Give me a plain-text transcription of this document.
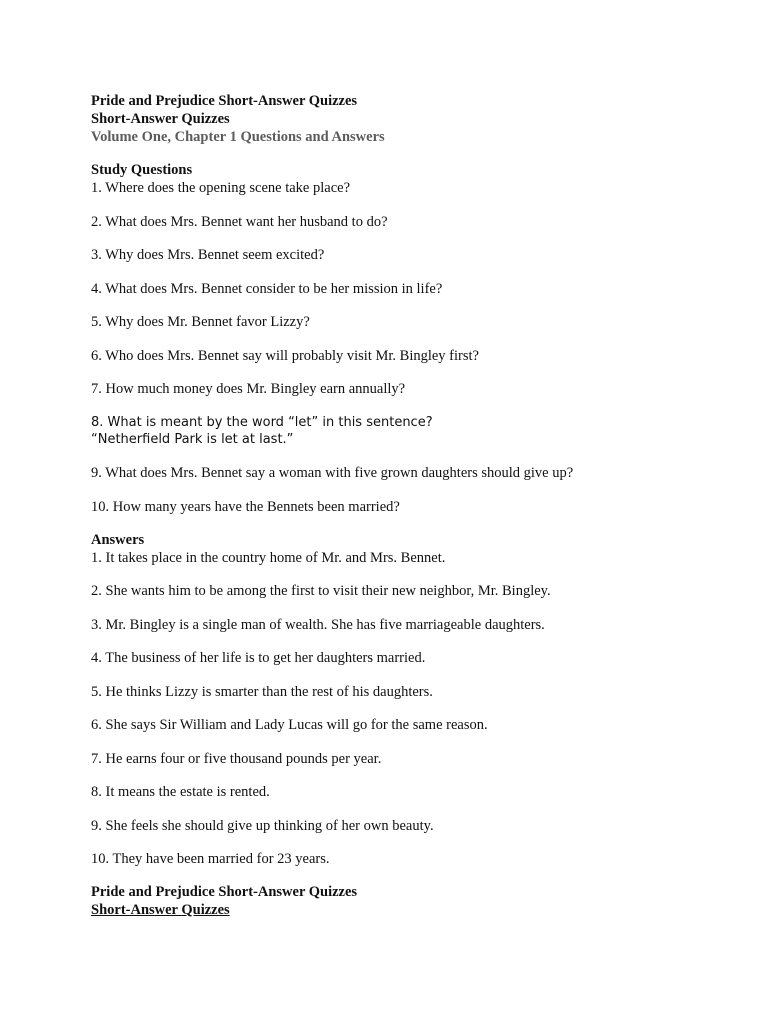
Pride and Prejudice Short-Answer Quizzes

Short-Answer Quizzes

Volume One, Chapter 1 Questions and Answers

Study Questions

1. Where does the opening scene take place?

2. What does Mrs. Bennet want her husband to do?

3. Why does Mrs. Bennet seem excited?

4. What does Mrs. Bennet consider to be her mission in life?

5. Why does Mr. Bennet favor Lizzy?

6. Who does Mrs. Bennet say will probably visit Mr. Bingley first?

7. How much money does Mr. Bingley earn annually?

8. What is meant by the word “let” in this sentence?

“Netherfield Park is let at last.”

9. What does Mrs. Bennet say a woman with five grown daughters should give up?

10. How many years have the Bennets been married?

Answers

1. It takes place in the country home of Mr. and Mrs. Bennet.

2. She wants him to be among the first to visit their new neighbor, Mr. Bingley.

3. Mr. Bingley is a single man of wealth. She has five marriageable daughters.

4. The business of her life is to get her daughters married.

5. He thinks Lizzy is smarter than the rest of his daughters.

6. She says Sir William and Lady Lucas will go for the same reason.

7. He earns four or five thousand pounds per year.

8. It means the estate is rented.

9. She feels she should give up thinking of her own beauty.

10. They have been married for 23 years.

Pride and Prejudice Short-Answer Quizzes

Short-Answer Quizzes
